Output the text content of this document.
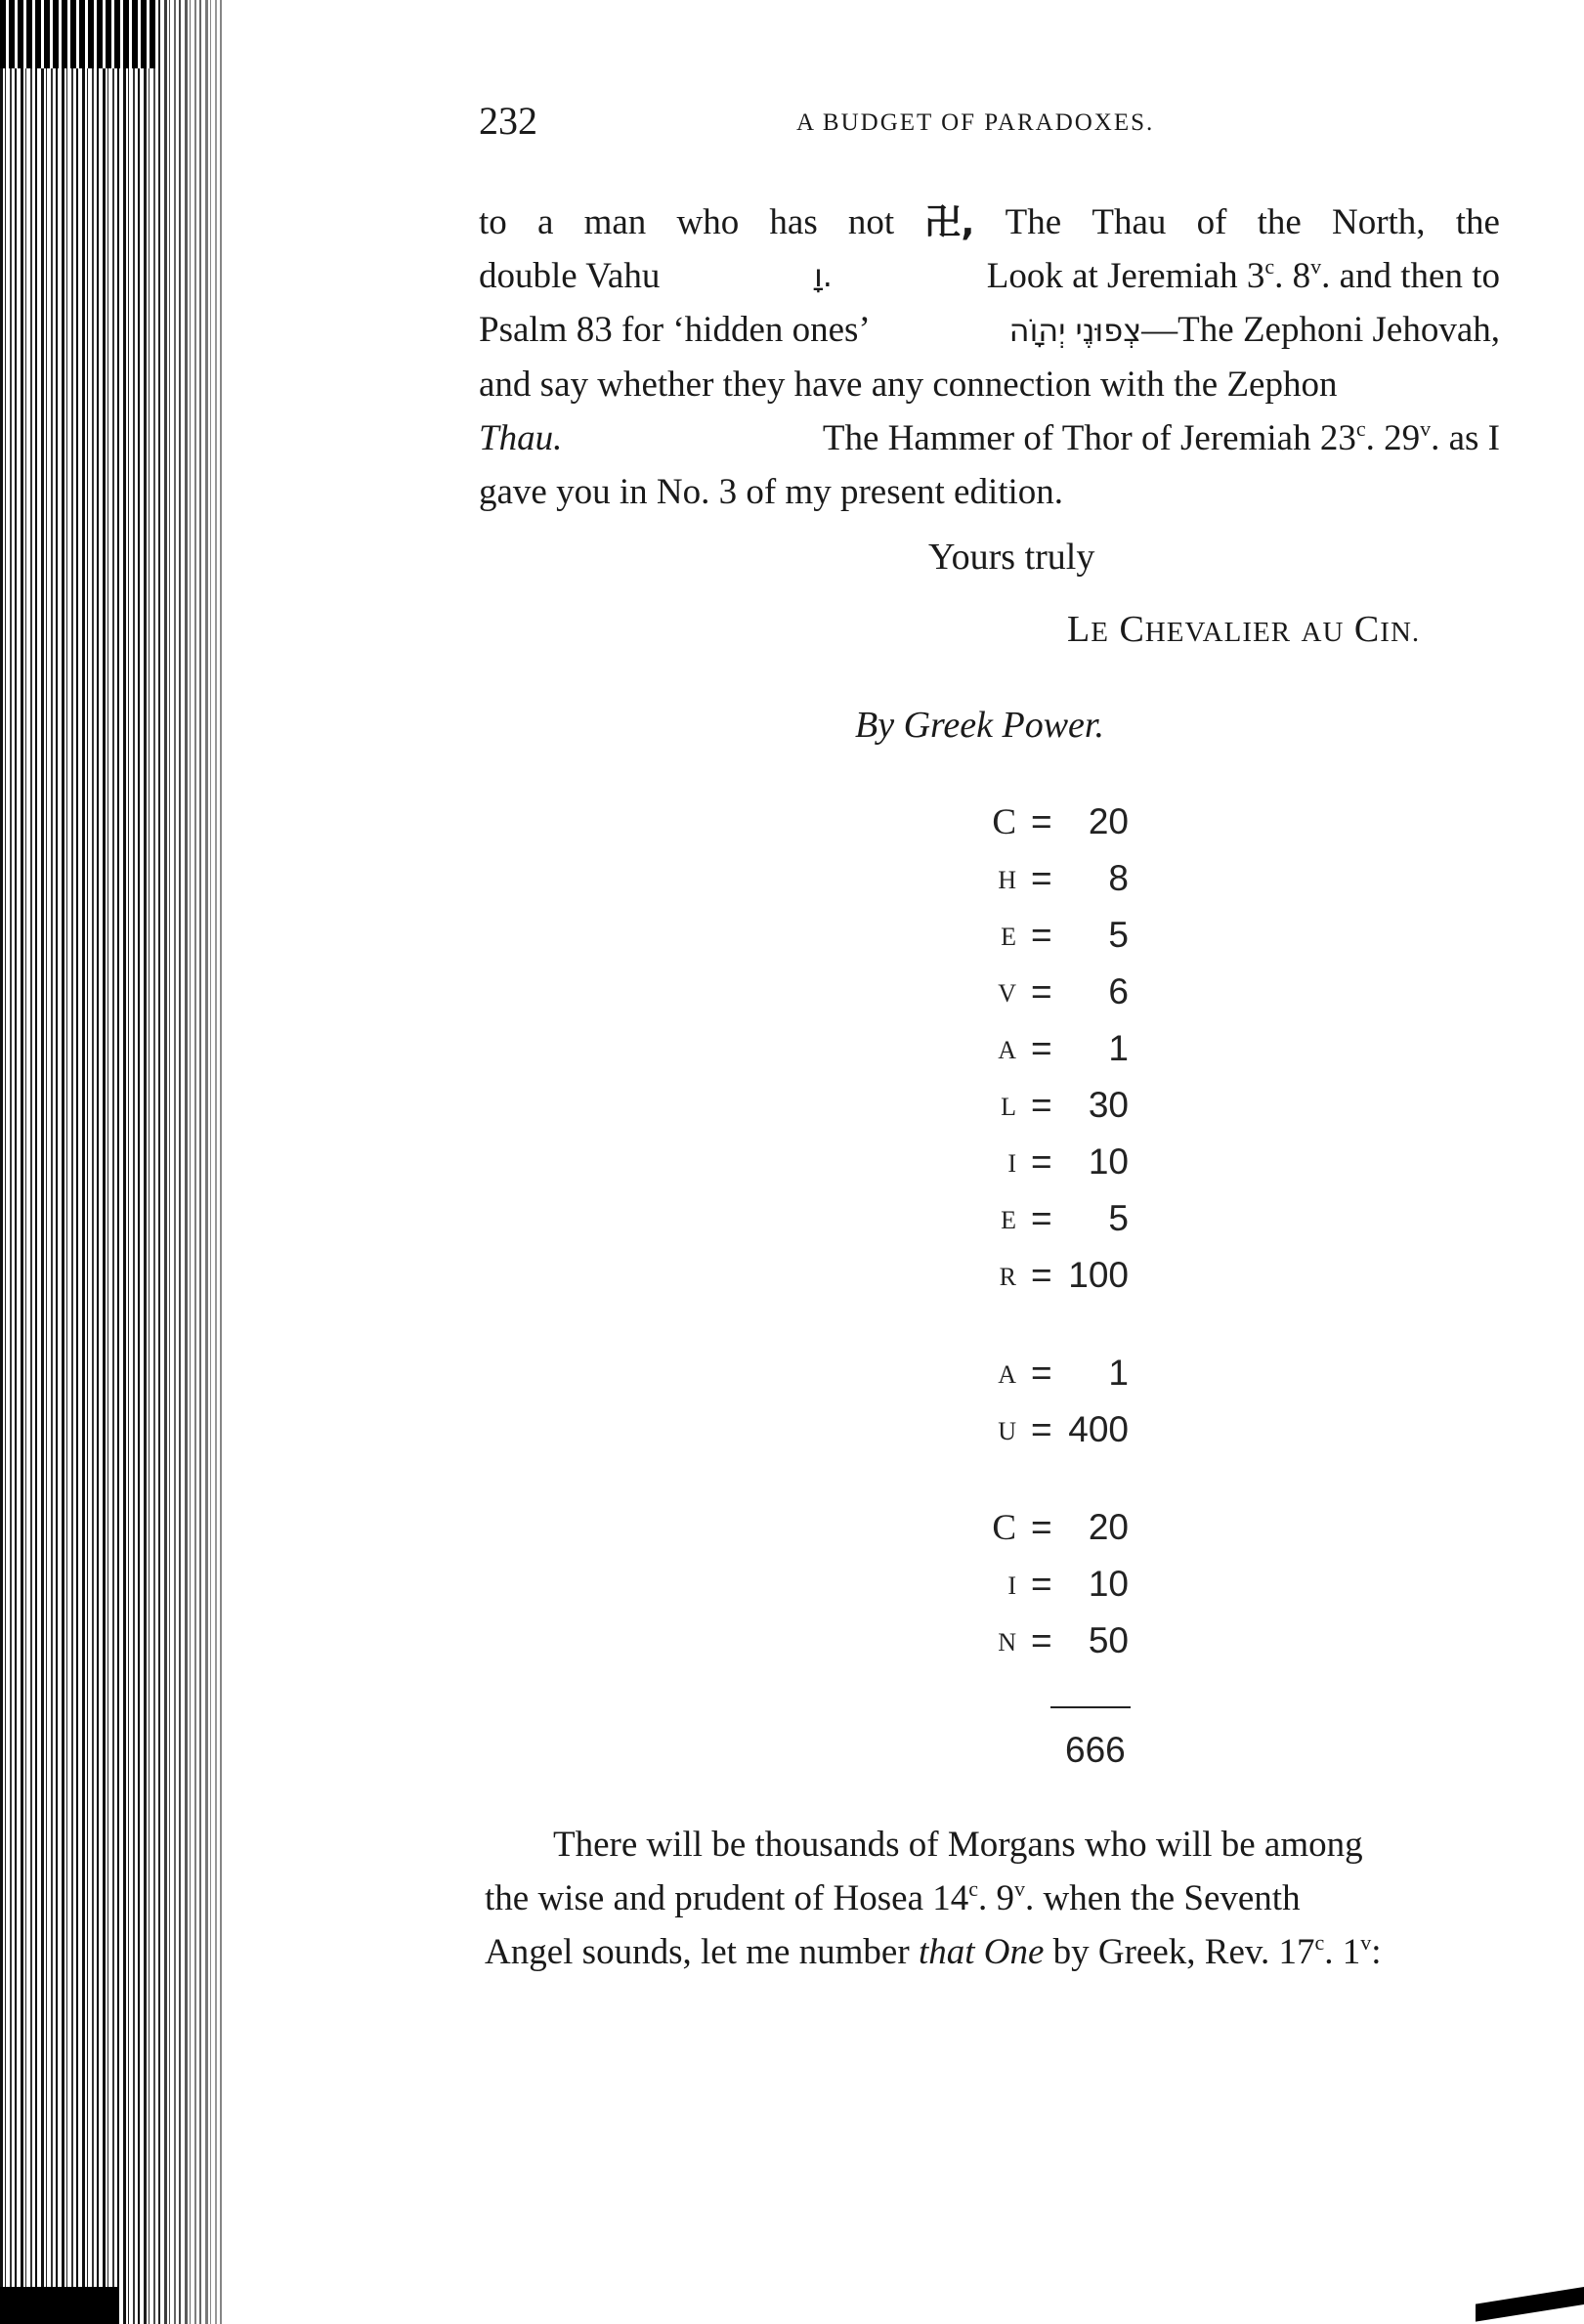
232	A BUDGET OF PARADOXES.
to a man who has not 卍, The Thau of the North, the
double Vahu	וָ.	Look at Jeremiah 3$^c$. 8$^v$. and then to
Psalm 83 for ‘hidden ones’	צְפוּנֶי יְהוָֹה—The Zephoni Jehovah,
and say whether they have any connection with the Zephon
Thau.	The Hammer of Thor of Jeremiah 23$^c$. 29$^v$. as I
gave you in No. 3 of my present edition.
Yours truly
LE CHEVALIER AU CIN.
By Greek Power.
C = 20
H = 8
E = 5
V = 6
A = 1
L = 30
I = 10
E = 5
R = 100
A = 1
U = 400
C = 20
I = 10
N = 50
666
There will be thousands of Morgans who will be among
the wise and prudent of Hosea 14$^c$. 9$^v$. when the Seventh
Angel sounds, let me number that One by Greek, Rev. 17$^c$. 1$^v$:
